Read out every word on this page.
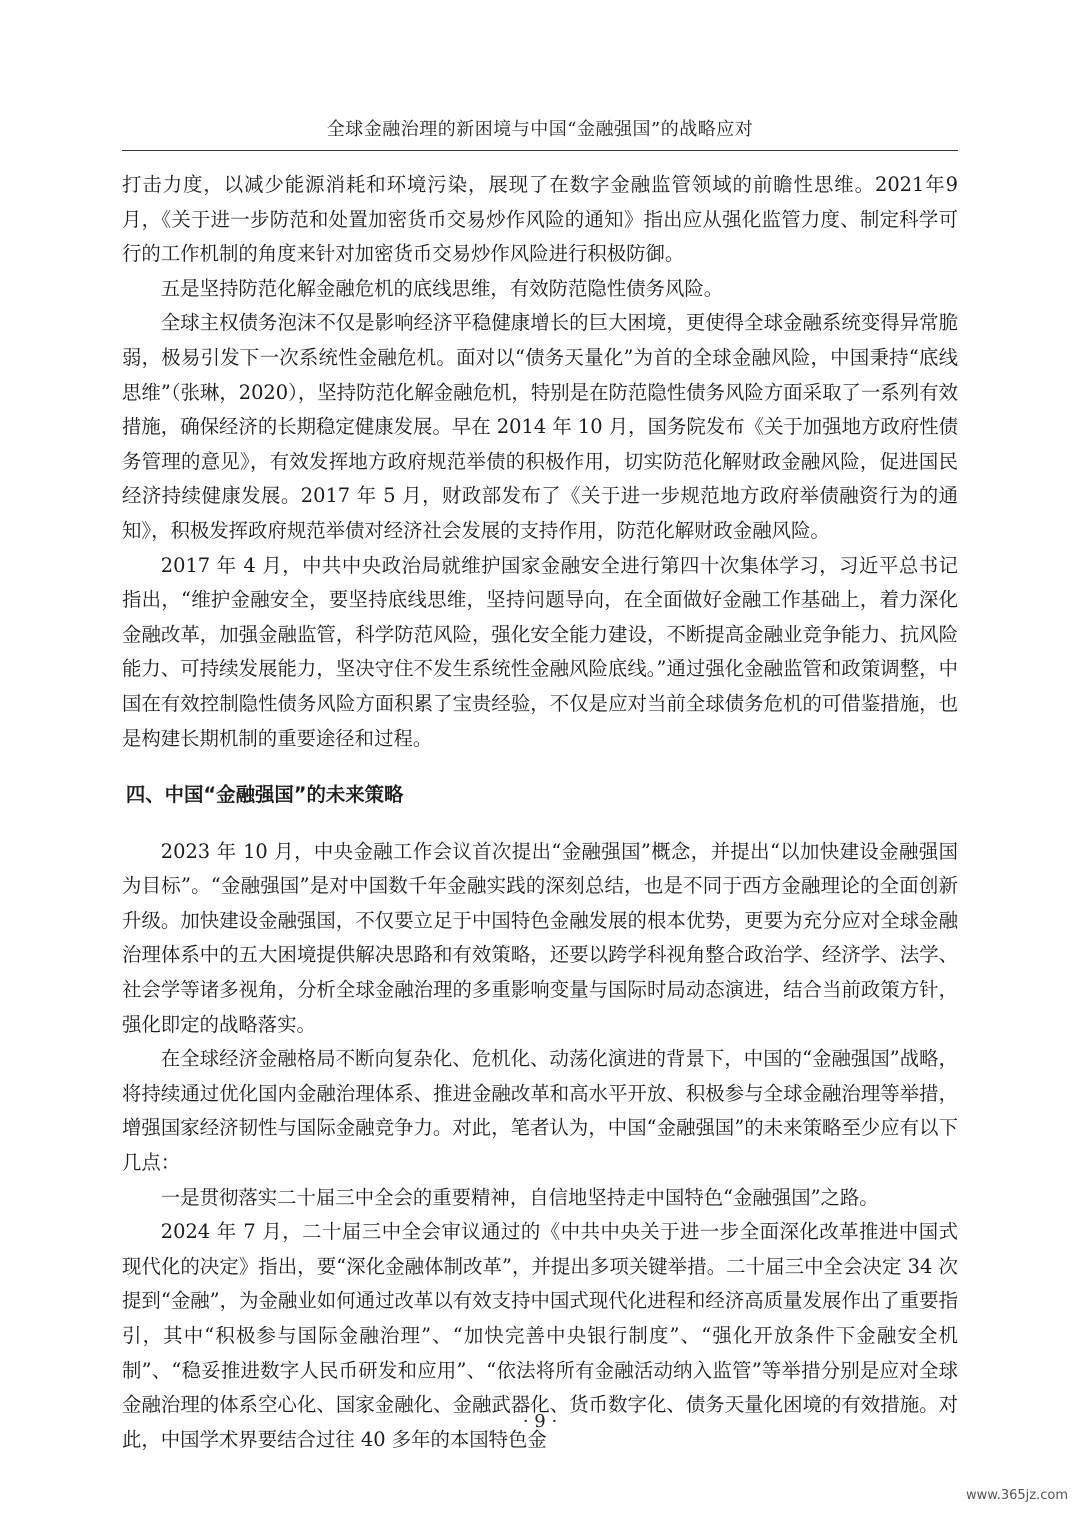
全球金融治理的新困境与中国“金融强国”的战略应对

打击力度，以减少能源消耗和环境污染，展现了在数字金融监管领域的前瞻性思维。2021年9月，《关于进一步防范和处置加密货币交易炒作风险的通知》指出应从强化监管力度、制定科学可行的工作机制的角度来针对加密货币交易炒作风险进行积极防御。

五是坚持防范化解金融危机的底线思维，有效防范隐性债务风险。

全球主权债务泡沫不仅是影响经济平稳健康增长的巨大困境，更使得全球金融系统变得异常脆弱，极易引发下一次系统性金融危机。面对以“债务天量化”为首的全球金融风险，中国秉持“底线思维”（张琳，2020），坚持防范化解金融危机，特别是在防范隐性债务风险方面采取了一系列有效措施，确保经济的长期稳定健康发展。早在 2014 年 10 月，国务院发布《关于加强地方政府性债务管理的意见》，有效发挥地方政府规范举债的积极作用，切实防范化解财政金融风险，促进国民经济持续健康发展。2017 年 5 月，财政部发布了《关于进一步规范地方政府举债融资行为的通知》，积极发挥政府规范举债对经济社会发展的支持作用，防范化解财政金融风险。

2017 年 4 月，中共中央政治局就维护国家金融安全进行第四十次集体学习，习近平总书记指出，“维护金融安全，要坚持底线思维，坚持问题导向，在全面做好金融工作基础上，着力深化金融改革，加强金融监管，科学防范风险，强化安全能力建设，不断提高金融业竞争能力、抗风险能力、可持续发展能力，坚决守住不发生系统性金融风险底线。”通过强化金融监管和政策调整，中国在有效控制隐性债务风险方面积累了宝贵经验，不仅是应对当前全球债务危机的可借鉴措施，也是构建长期机制的重要途径和过程。

四、中国“金融强国”的未来策略

2023 年 10 月，中央金融工作会议首次提出“金融强国”概念，并提出“以加快建设金融强国为目标”。“金融强国”是对中国数千年金融实践的深刻总结，也是不同于西方金融理论的全面创新升级。加快建设金融强国，不仅要立足于中国特色金融发展的根本优势，更要为充分应对全球金融治理体系中的五大困境提供解决思路和有效策略，还要以跨学科视角整合政治学、经济学、法学、社会学等诸多视角，分析全球金融治理的多重影响变量与国际时局动态演进，结合当前政策方针，强化即定的战略落实。

在全球经济金融格局不断向复杂化、危机化、动荡化演进的背景下，中国的“金融强国”战略，将持续通过优化国内金融治理体系、推进金融改革和高水平开放、积极参与全球金融治理等举措，增强国家经济韧性与国际金融竞争力。对此，笔者认为，中国“金融强国”的未来策略至少应有以下几点：

一是贯彻落实二十届三中全会的重要精神，自信地坚持走中国特色“金融强国”之路。

2024 年 7 月，二十届三中全会审议通过的《中共中央关于进一步全面深化改革推进中国式现代化的决定》指出，要“深化金融体制改革”，并提出多项关键举措。二十届三中全会决定 34 次提到“金融”，为金融业如何通过改革以有效支持中国式现代化进程和经济高质量发展作出了重要指引，其中“积极参与国际金融治理”、“加快完善中央银行制度”、“强化开放条件下金融安全机制”、“稳妥推进数字人民币研发和应用”、“依法将所有金融活动纳入监管”等举措分别是应对全球金融治理的体系空心化、国家金融化、金融武器化、货币数字化、债务天量化困境的有效措施。对此，中国学术界要结合过往 40 多年的本国特色金

· 9 ·
www.365jz.com
